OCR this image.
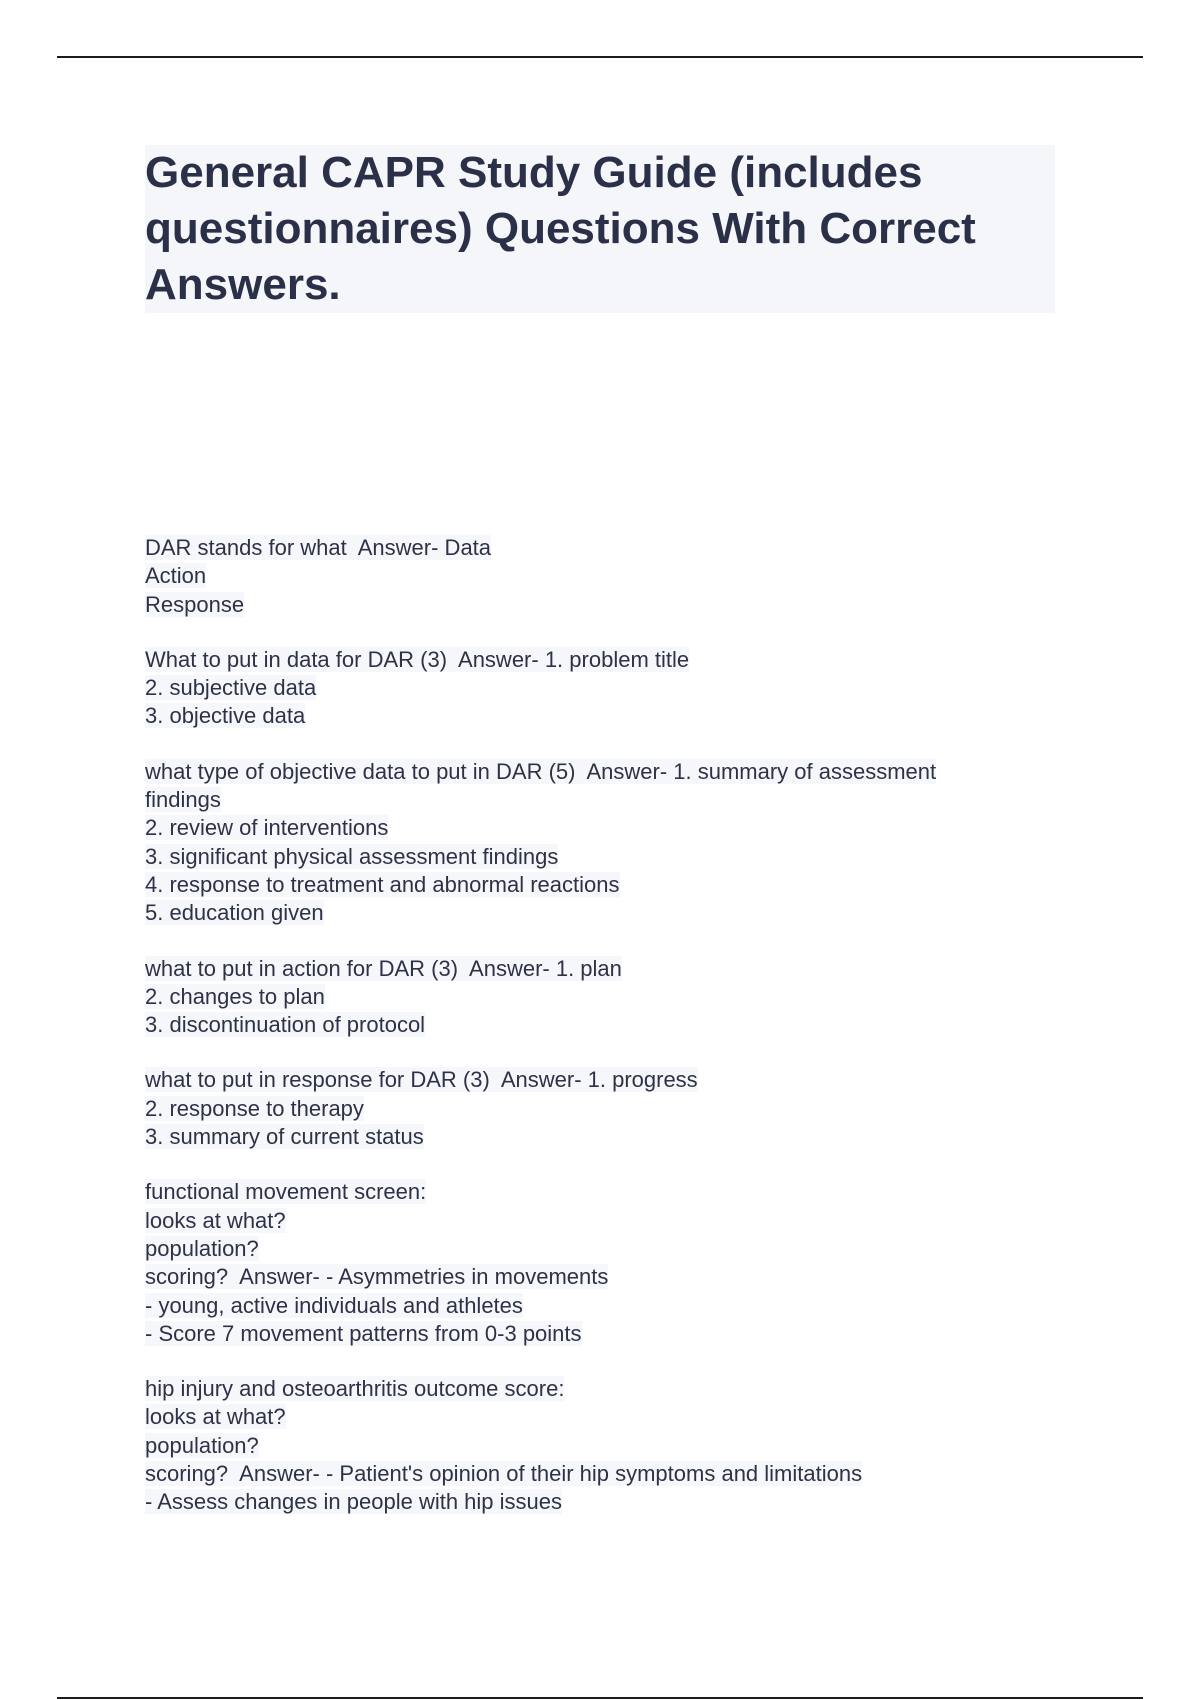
General CAPR Study Guide (includes questionnaires) Questions With Correct Answers.
DAR stands for what  Answer- Data
Action
Response
What to put in data for DAR (3)  Answer- 1. problem title
2. subjective data
3. objective data
what type of objective data to put in DAR (5)  Answer- 1. summary of assessment
findings
2. review of interventions
3. significant physical assessment findings
4. response to treatment and abnormal reactions
5. education given
what to put in action for DAR (3)  Answer- 1. plan
2. changes to plan
3. discontinuation of protocol
what to put in response for DAR (3)  Answer- 1. progress
2. response to therapy
3. summary of current status
functional movement screen:
looks at what?
population?
scoring?  Answer- - Asymmetries in movements
- young, active individuals and athletes
- Score 7 movement patterns from 0-3 points
hip injury and osteoarthritis outcome score:
looks at what?
population?
scoring?  Answer- - Patient's opinion of their hip symptoms and limitations
- Assess changes in people with hip issues
